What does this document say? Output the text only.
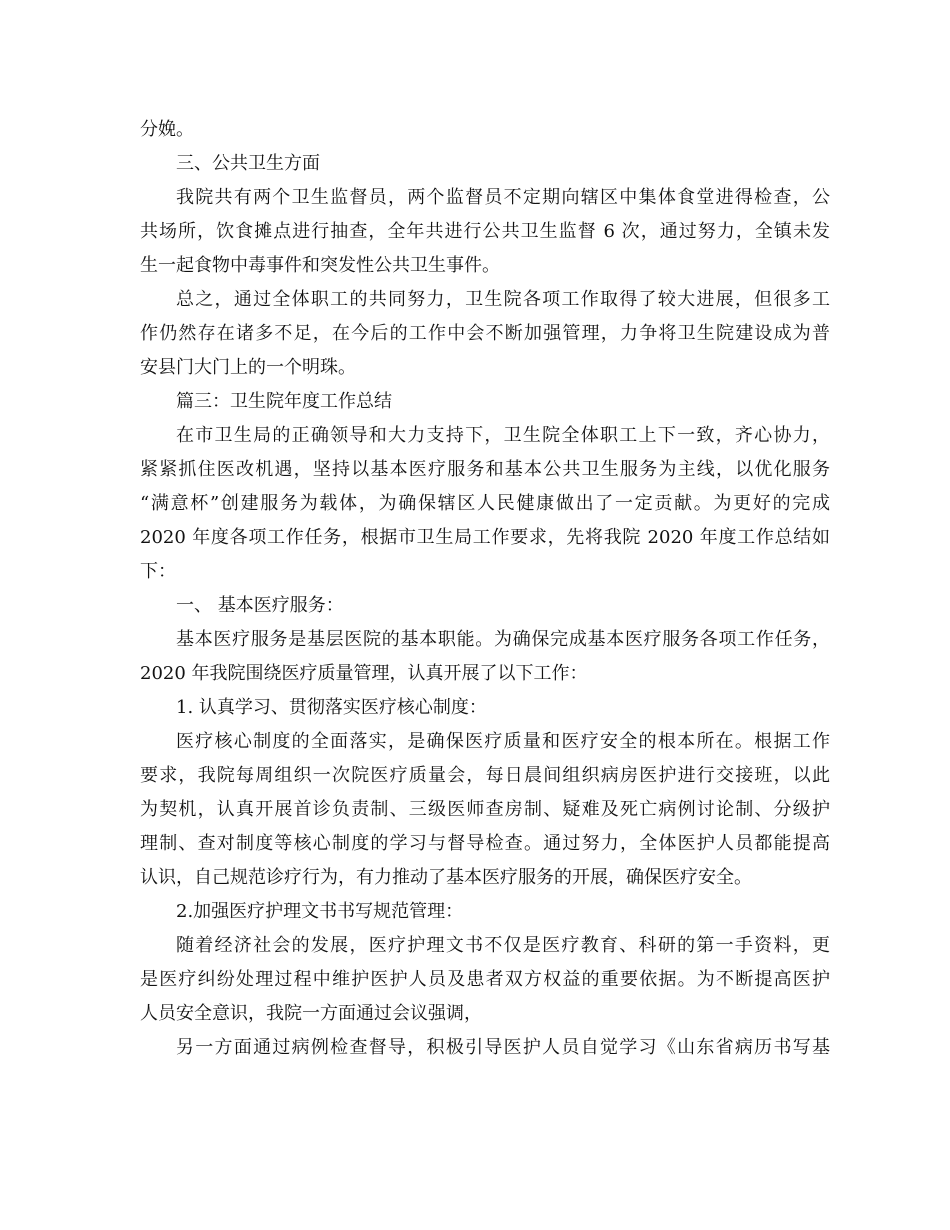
分娩。
三、公共卫生方面
我院共有两个卫生监督员，两个监督员不定期向辖区中集体食堂进得检查，公
共场所，饮食摊点进行抽查，全年共进行公共卫生监督 6 次，通过努力，全镇未发
生一起食物中毒事件和突发性公共卫生事件。
总之，通过全体职工的共同努力，卫生院各项工作取得了较大进展，但很多工
作仍然存在诸多不足，在今后的工作中会不断加强管理，力争将卫生院建设成为普
安县门大门上的一个明珠。
篇三：卫生院年度工作总结
在市卫生局的正确领导和大力支持下，卫生院全体职工上下一致，齐心协力，
紧紧抓住医改机遇，坚持以基本医疗服务和基本公共卫生服务为主线，以优化服务
“满意杯”创建服务为载体，为确保辖区人民健康做出了一定贡献。为更好的完成
2020 年度各项工作任务，根据市卫生局工作要求，先将我院 2020 年度工作总结如
下：
一、 基本医疗服务：
基本医疗服务是基层医院的基本职能。为确保完成基本医疗服务各项工作任务，
2020 年我院围绕医疗质量管理，认真开展了以下工作：
1. 认真学习、贯彻落实医疗核心制度：
医疗核心制度的全面落实，是确保医疗质量和医疗安全的根本所在。根据工作
要求，我院每周组织一次院医疗质量会，每日晨间组织病房医护进行交接班，以此
为契机，认真开展首诊负责制、三级医师查房制、疑难及死亡病例讨论制、分级护
理制、查对制度等核心制度的学习与督导检查。通过努力，全体医护人员都能提高
认识，自己规范诊疗行为，有力推动了基本医疗服务的开展，确保医疗安全。
2.加强医疗护理文书书写规范管理：
随着经济社会的发展，医疗护理文书不仅是医疗教育、科研的第一手资料，更
是医疗纠纷处理过程中维护医护人员及患者双方权益的重要依据。为不断提高医护
人员安全意识，我院一方面通过会议强调，
另一方面通过病例检查督导，积极引导医护人员自觉学习《山东省病历书写基
